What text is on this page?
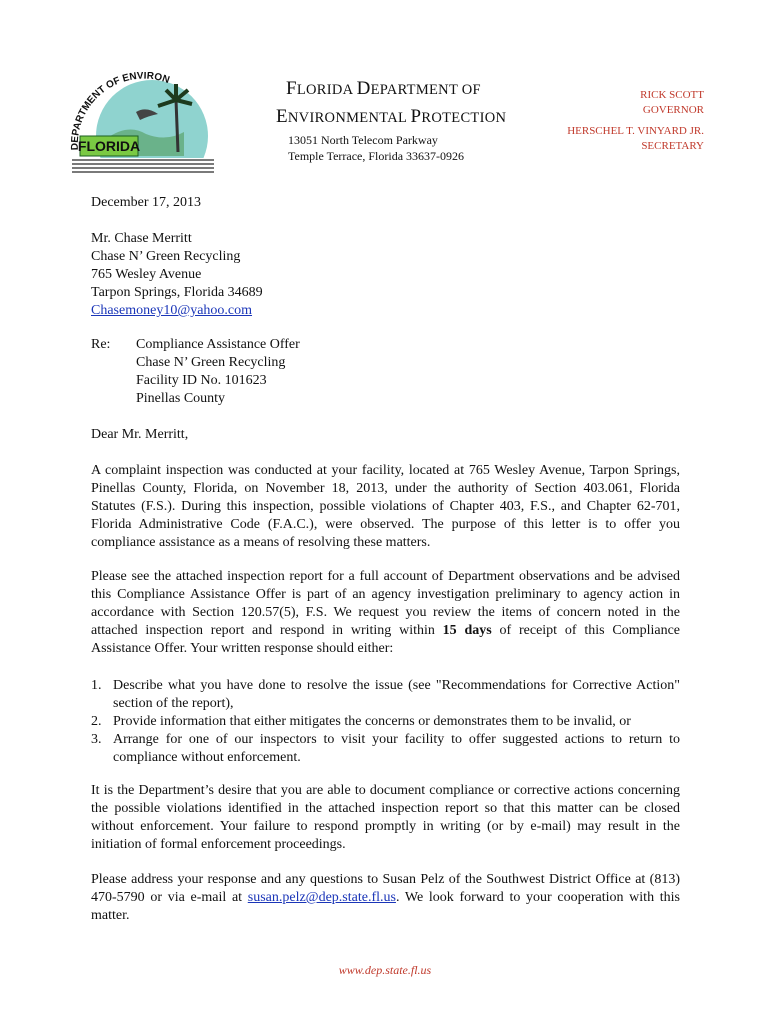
FLORIDA
DEPARTMENT OF ENVIRON	FLORIDA DEPARTMENT OF
ENVIRONMENTAL PROTECTION
13051 North Telecom Parkway
Temple Terrace, Florida 33637-0926
RICK SCOTT
GOVERNOR
HERSCHEL T. VINYARD JR.
SECRETARY
December 17, 2013
Mr. Chase Merritt
Chase N’ Green Recycling
765 Wesley Avenue
Tarpon Springs, Florida 34689
Chasemoney10@yahoo.com
Re:	Compliance Assistance Offer
Chase N’ Green Recycling
Facility ID No. 101623
Pinellas County
Dear Mr. Merritt,
A complaint inspection was conducted at your facility, located at 765 Wesley Avenue, Tarpon Springs, Pinellas County, Florida, on November 18, 2013, under the authority of Section 403.061, Florida Statutes (F.S.). During this inspection, possible violations of Chapter 403, F.S., and Chapter 62-701, Florida Administrative Code (F.A.C.), were observed. The purpose of this letter is to offer you compliance assistance as a means of resolving these matters.
Please see the attached inspection report for a full account of Department observations and be advised this Compliance Assistance Offer is part of an agency investigation preliminary to agency action in accordance with Section 120.57(5), F.S. We request you review the items of concern noted in the attached inspection report and respond in writing within 15 days of receipt of this Compliance Assistance Offer. Your written response should either:
1. Describe what you have done to resolve the issue (see "Recommendations for Corrective Action" section of the report),
2. Provide information that either mitigates the concerns or demonstrates them to be invalid, or
3. Arrange for one of our inspectors to visit your facility to offer suggested actions to return to compliance without enforcement.
It is the Department’s desire that you are able to document compliance or corrective actions concerning the possible violations identified in the attached inspection report so that this matter can be closed without enforcement. Your failure to respond promptly in writing (or by e-mail) may result in the initiation of formal enforcement proceedings.
Please address your response and any questions to Susan Pelz of the Southwest District Office at (813) 470-5790 or via e-mail at susan.pelz@dep.state.fl.us. We look forward to your cooperation with this matter.
www.dep.state.fl.us
